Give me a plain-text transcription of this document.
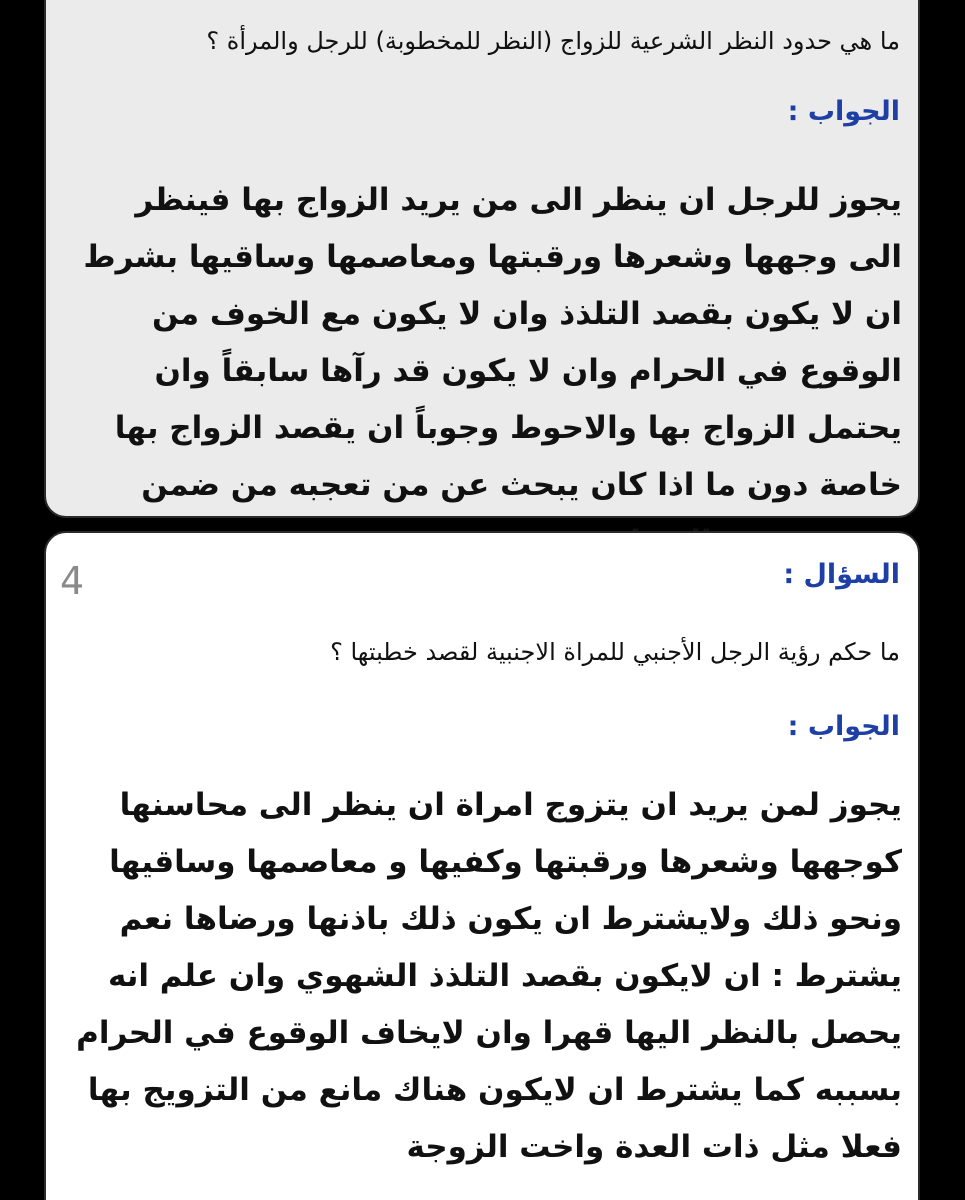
ما هي حدود النظر الشرعية للزواج (النظر للمخطوبة) للرجل والمرأة ؟

الجواب :

يجوز للرجل ان ينظر الى من يريد الزواج بها فينظر الى وجهها وشعرها ورقبتها ومعاصمها وساقيها بشرط ان لا يكون بقصد التلذذ وان لا يكون مع الخوف من الوقوع في الحرام وان لا يكون قد رآها سابقاً وان يحتمل الزواج بها والاحوط وجوباً ان يقصد الزواج بها خاصة دون ما اذا كان يبحث عن من تعجبه من ضمن

4	السؤال :

ما حكم رؤية الرجل الأجنبي للمراة الاجنبية لقصد خطبتها ؟

الجواب :

يجوز لمن يريد ان يتزوج امراة ان ينظر الى محاسنها كوجهها وشعرها ورقبتها وكفيها و معاصمها وساقيها ونحو ذلك ولايشترط ان يكون ذلك باذنها ورضاها نعم يشترط : ان لايكون بقصد التلذذ الشهوي وان علم انه يحصل بالنظر اليها قهرا وان لايخاف الوقوع في الحرام بسببه كما يشترط ان لايكون هناك مانع من التزويج بها فعلا مثل ذات العدة واخت الزوجة
